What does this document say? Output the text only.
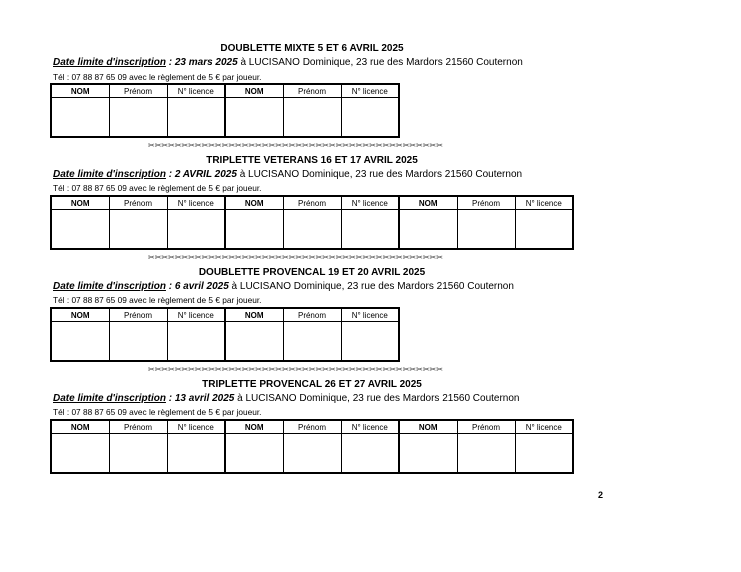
DOUBLETTE MIXTE 5 ET 6 AVRIL 2025
Date limite d'inscription : 23 mars 2025 à LUCISANO Dominique, 23 rue des Mardors 21560 Couternon
Tél : 07 88 87 65 09 avec le règlement de 5 € par joueur.
NOM	Prénom	N° licence	NOM	Prénom	N° licence

✂✂✂✂✂✂✂✂✂✂✂✂✂✂✂✂✂✂✂✂✂✂✂✂✂✂✂✂✂✂✂✂✂✂✂✂✂✂✂✂✂✂✂✂
TRIPLETTE VETERANS 16 ET 17 AVRIL 2025
Date limite d'inscription : 2 AVRIL 2025 à LUCISANO Dominique, 23 rue des Mardors 21560 Couternon
Tél : 07 88 87 65 09 avec le règlement de 5 € par joueur.
NOM	Prénom	N° licence	NOM	Prénom	N° licence	NOM	Prénom	N° licence

✂✂✂✂✂✂✂✂✂✂✂✂✂✂✂✂✂✂✂✂✂✂✂✂✂✂✂✂✂✂✂✂✂✂✂✂✂✂✂✂✂✂✂✂
DOUBLETTE PROVENCAL 19 ET 20 AVRIL 2025
Date limite d'inscription : 6 avril 2025 à LUCISANO Dominique, 23 rue des Mardors 21560 Couternon
Tél : 07 88 87 65 09 avec le règlement de 5 € par joueur.
NOM	Prénom	N° licence	NOM	Prénom	N° licence

✂✂✂✂✂✂✂✂✂✂✂✂✂✂✂✂✂✂✂✂✂✂✂✂✂✂✂✂✂✂✂✂✂✂✂✂✂✂✂✂✂✂✂✂
TRIPLETTE PROVENCAL 26 ET 27 AVRIL 2025
Date limite d'inscription : 13 avril 2025 à LUCISANO Dominique, 23 rue des Mardors 21560 Couternon
Tél : 07 88 87 65 09 avec le règlement de 5 € par joueur.
NOM	Prénom	N° licence	NOM	Prénom	N° licence	NOM	Prénom	N° licence

2
